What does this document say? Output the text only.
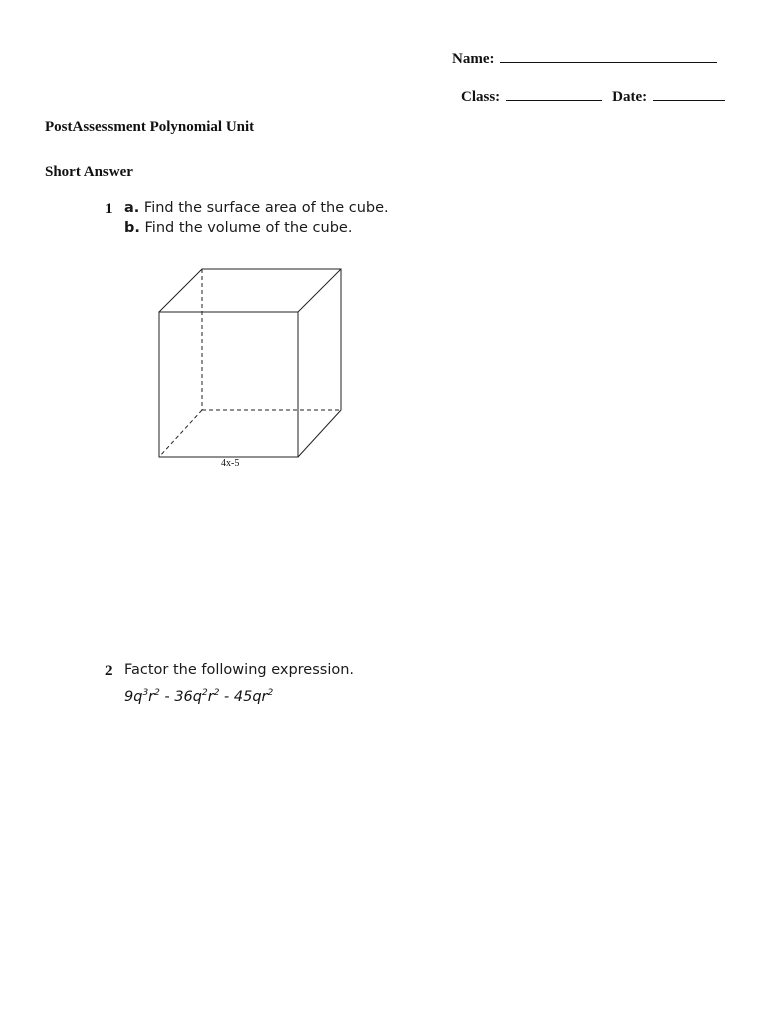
Name:
Class:	Date:
PostAssessment Polynomial Unit
Short Answer
1 a. Find the surface area of the cube.
b. Find the volume of the cube.
4x-5
2 Factor the following expression.
$9q^3r^2 - 36q^2r^2 - 45qr^2$
